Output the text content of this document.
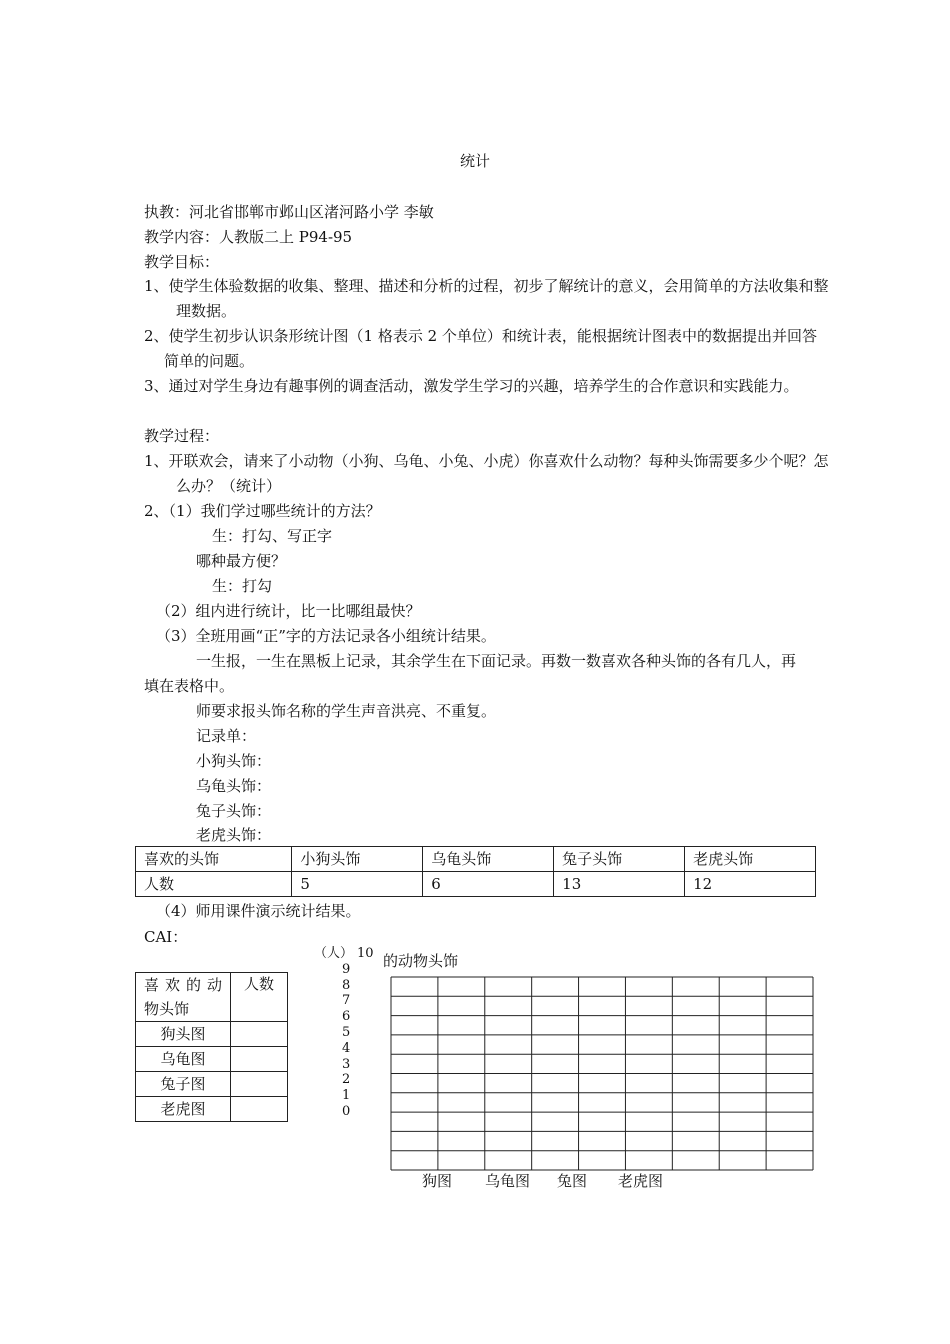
统计
执教：河北省邯郸市邺山区渚河路小学 李敏
教学内容：人教版二上 P94-95
教学目标：
1、使学生体验数据的收集、整理、描述和分析的过程，初步了解统计的意义，会用简单的方法收集和整理数据。
2、使学生初步认识条形统计图（1 格表示 2 个单位）和统计表，能根据统计图表中的数据提出并回答简单的问题。
3、通过对学生身边有趣事例的调查活动，激发学生学习的兴趣，培养学生的合作意识和实践能力。
教学过程：
1、开联欢会，请来了小动物（小狗、乌龟、小兔、小虎）你喜欢什么动物？每种头饰需要多少个呢？怎么办？（统计）
2、（1）我们学过哪些统计的方法？
生：打勾、写正字
哪种最方便？
生：打勾
（2）组内进行统计，比一比哪组最快？
（3）全班用画“正”字的方法记录各小组统计结果。
一生报，一生在黑板上记录，其余学生在下面记录。再数一数喜欢各种头饰的各有几人，再填在表格中。
师要求报头饰名称的学生声音洪亮、不重复。
记录单：
小狗头饰：
乌龟头饰：
兔子头饰：
老虎头饰：
喜欢的头饰	小狗头饰	乌龟头饰	兔子头饰	老虎头饰
人数	5	6	13	12
（4）师用课件演示统计结果。
CAI：
喜 欢 的 动
物头饰	人数
狗头图	
乌龟图	
兔子图	
老虎图	
的动物头饰
（人） 10
9
8
7
6
5
4
3
2
1
0
狗图 乌龟图 兔图 老虎图
